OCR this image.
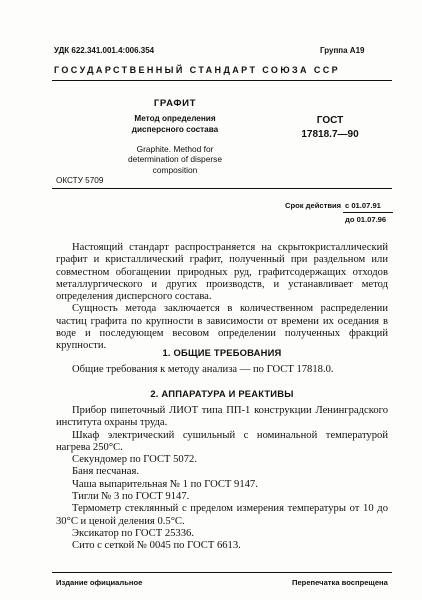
УДК 622.341.001.4:006.354	Группа А19
ГОСУДАРСТВЕННЫЙ СТАНДАРТ СОЮЗА ССР
ГРАФИТ
Метод определения
дисперсного состава
Graphite. Method for
determination of disperse
composition
ГОСТ
17818.7—90
ОКСТУ 5709
Срок действия с 01.07.91
до 01.07.96

Настоящий стандарт распространяется на скрытокристаллический графит и кристаллический графит, полученный при раздельном или совместном обогащении природных руд, графитсодержащих отходов металлургического и других производств, и устанавливает метод определения дисперсного состава.

Сущность метода заключается в количественном распределении частиц графита по крупности в зависимости от времени их оседания в воде и последующем весовом определении полученных фракций крупности.

1. ОБЩИЕ ТРЕБОВАНИЯ

Общие требования к методу анализа — по ГОСТ 17818.0.

2. АППАРАТУРА И РЕАКТИВЫ

Прибор пипеточный ЛИОТ типа ПП-1 конструкции Ленинградского института охраны труда.

Шкаф электрический сушильный с номинальной температурой нагрева 250°С.

Секундомер по ГОСТ 5072.

Баня песчаная.

Чаша выпарительная № 1 по ГОСТ 9147.

Тигли № 3 по ГОСТ 9147.

Термометр стеклянный с пределом измерения температуры от 10 до 30°С и ценой деления 0.5°С.

Эксикатор по ГОСТ 25336.

Сито с сеткой № 0045 по ГОСТ 6613.

Издание официальное	Перепечатка воспрещена
